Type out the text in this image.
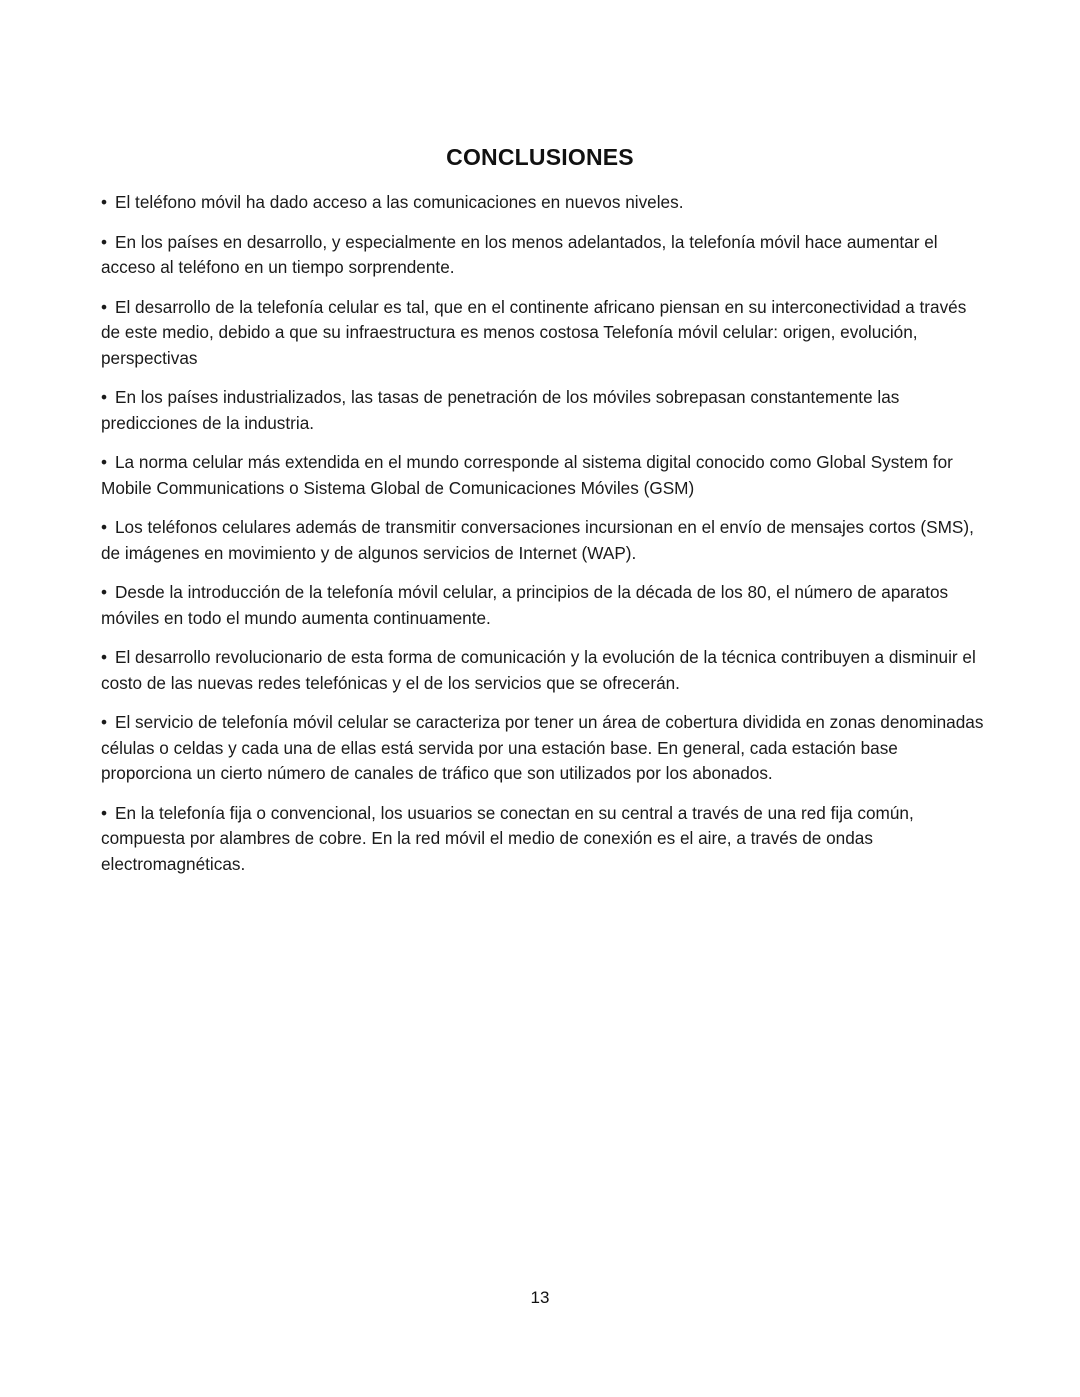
CONCLUSIONES
• El teléfono móvil ha dado acceso a las comunicaciones en nuevos niveles.
• En los países en desarrollo, y especialmente en los menos adelantados, la telefonía móvil hace aumentar el acceso al teléfono en un tiempo sorprendente.
• El desarrollo de la telefonía celular es tal, que en el continente africano piensan en su interconectividad a través de este medio, debido a que su infraestructura es menos costosa Telefonía móvil celular: origen, evolución, perspectivas
• En los países industrializados, las tasas de penetración de los móviles sobrepasan constantemente las predicciones de la industria.
• La norma celular más extendida en el mundo corresponde al sistema digital conocido como Global System for Mobile Communications o Sistema Global de Comunicaciones Móviles (GSM)
• Los teléfonos celulares además de transmitir conversaciones incursionan en el envío de mensajes cortos (SMS), de imágenes en movimiento y de algunos servicios de Internet (WAP).
• Desde la introducción de la telefonía móvil celular, a principios de la década de los 80, el número de aparatos móviles en todo el mundo aumenta continuamente.
• El desarrollo revolucionario de esta forma de comunicación y la evolución de la técnica contribuyen a disminuir el costo de las nuevas redes telefónicas y el de los servicios que se ofrecerán.
• El servicio de telefonía móvil celular se caracteriza por tener un área de cobertura dividida en zonas denominadas células o celdas y cada una de ellas está servida por una estación base. En general, cada estación base proporciona un cierto número de canales de tráfico que son utilizados por los abonados.
• En la telefonía fija o convencional, los usuarios se conectan en su central a través de una red fija común, compuesta por alambres de cobre. En la red móvil el medio de conexión es el aire, a través de ondas electromagnéticas.
13
